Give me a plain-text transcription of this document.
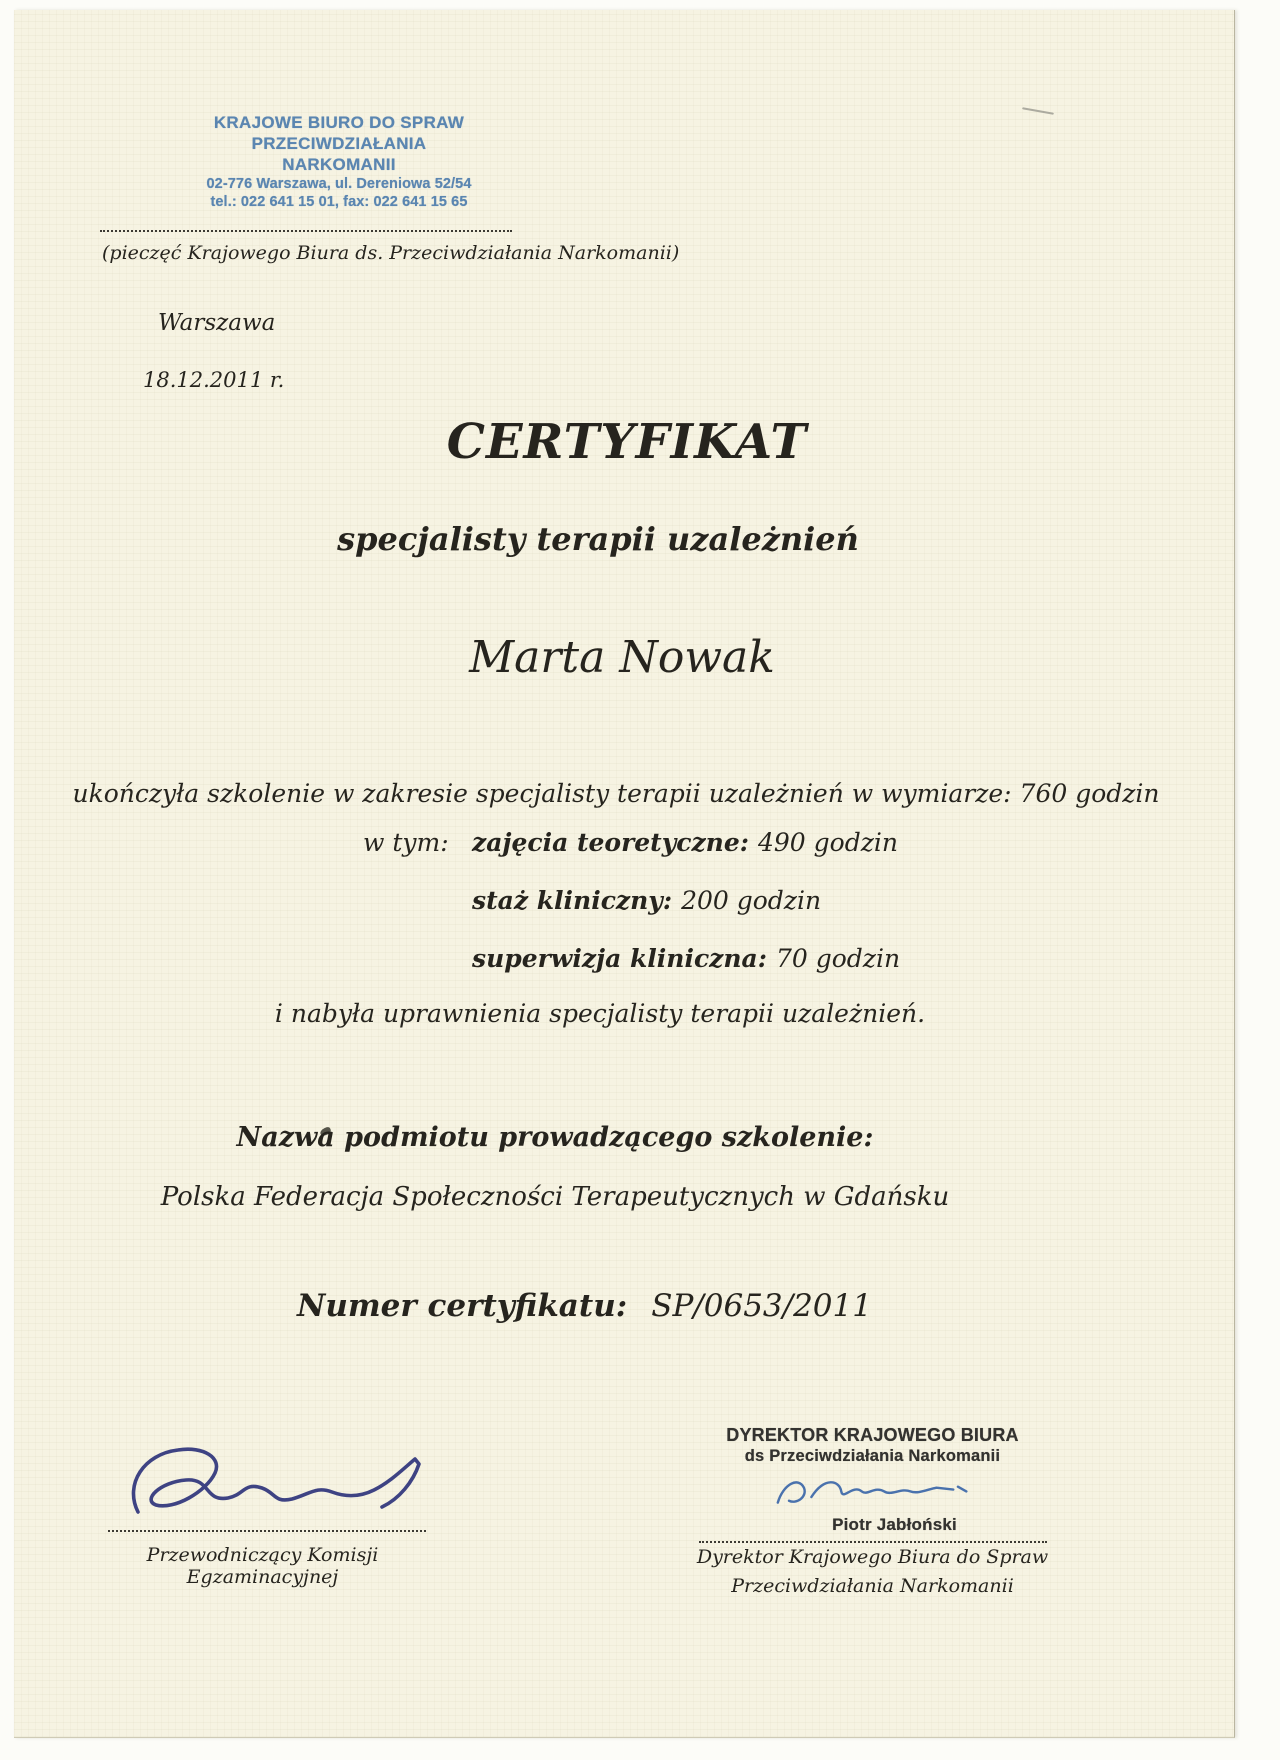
KRAJOWE BIURO DO SPRAW
PRZECIWDZIAŁANIA NARKOMANII
02-776 Warszawa, ul. Dereniowa 52/54
tel.: 022 641 15 01, fax: 022 641 15 65
(pieczęć Krajowego Biura ds. Przeciwdziałania Narkomanii)
Warszawa
18.12.2011 r.
CERTYFIKAT
specjalisty terapii uzależnień
Marta Nowak
ukończyła szkolenie w zakresie specjalisty terapii uzależnień w wymiarze: 760 godzin
w tym: zajęcia teoretyczne: 490 godzin
staż kliniczny: 200 godzin
superwizja kliniczna: 70 godzin
i nabyła uprawnienia specjalisty terapii uzależnień.
Nazwa podmiotu prowadzącego szkolenie:
Polska Federacja Społeczności Terapeutycznych w Gdańsku
Numer certyfikatu: SP/0653/2011
Przewodniczący Komisji Egzaminacyjnej
DYREKTOR KRAJOWEGO BIURA
ds Przeciwdziałania Narkomanii
Piotr Jabłoński
Dyrektor Krajowego Biura do Spraw
Przeciwdziałania Narkomanii
